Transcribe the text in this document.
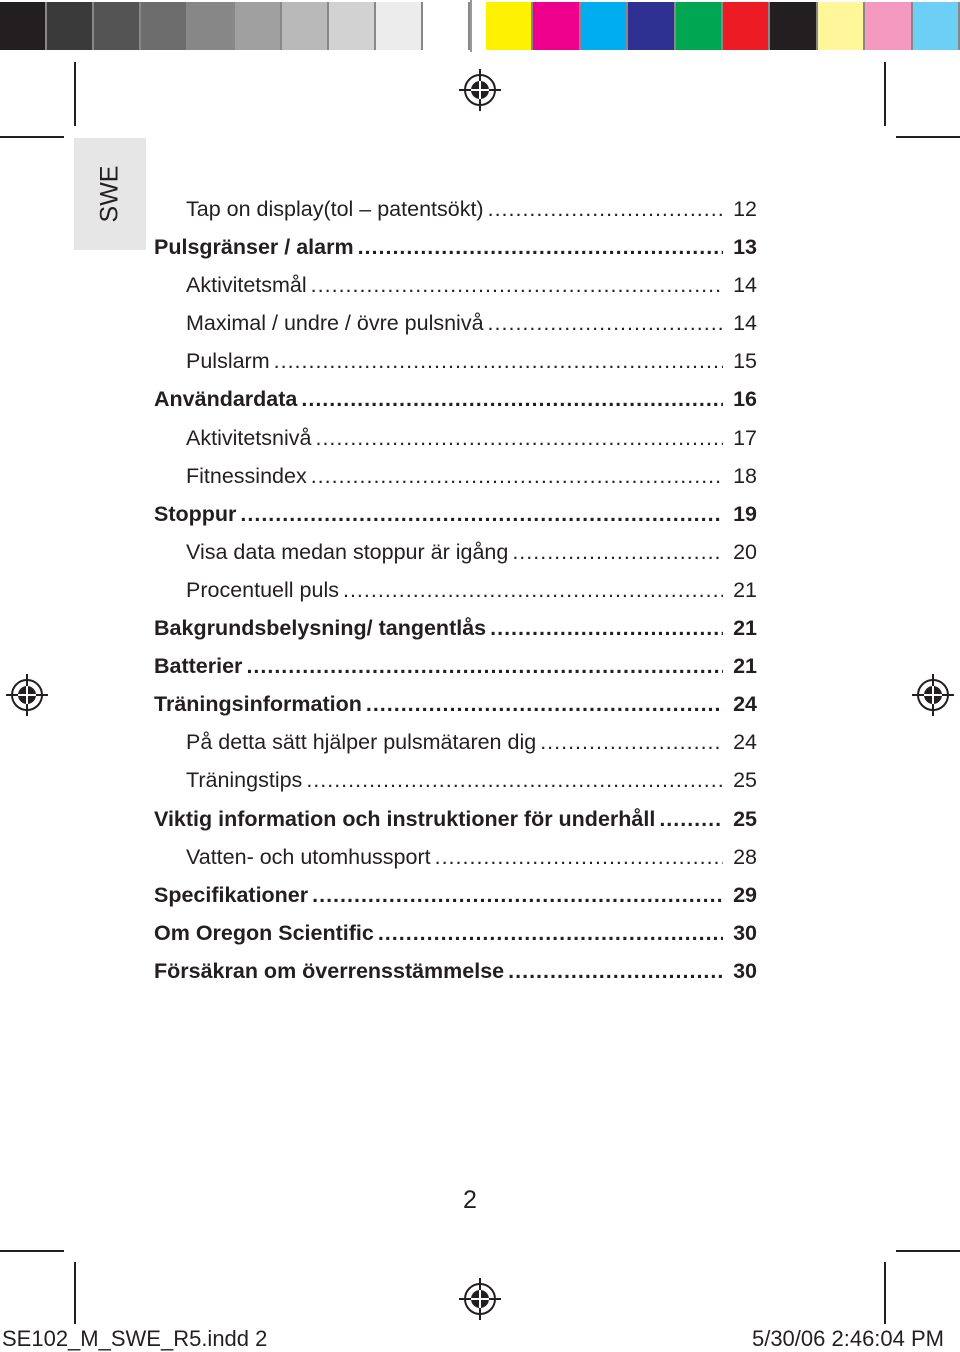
SWE	Tap on display(tol – patentsökt) .....	12
Pulsgränser / alarm .....	13
Aktivitetsmål .....	14
Maximal / undre / övre pulsnivå .....	14
Pulslarm .....	15
Användardata .....	16
Aktivitetsnivå .....	17
Fitnessindex .....	18
Stoppur .....	19
Visa data medan stoppur är igång .....	20
Procentuell puls .....	21
Bakgrundsbelysning/ tangentlås .....	21
Batterier .....	21
Träningsinformation .....	24
På detta sätt hjälper pulsmätaren dig .....	24
Träningstips .....	25
Viktig information och instruktioner för underhåll .....	25
Vatten- och utomhussport .....	28
Specifikationer .....	29
Om Oregon Scientific .....	30
Försäkran om överrensstämmelse .....	30
2
SE102_M_SWE_R5.indd 2	5/30/06 2:46:04 PM
